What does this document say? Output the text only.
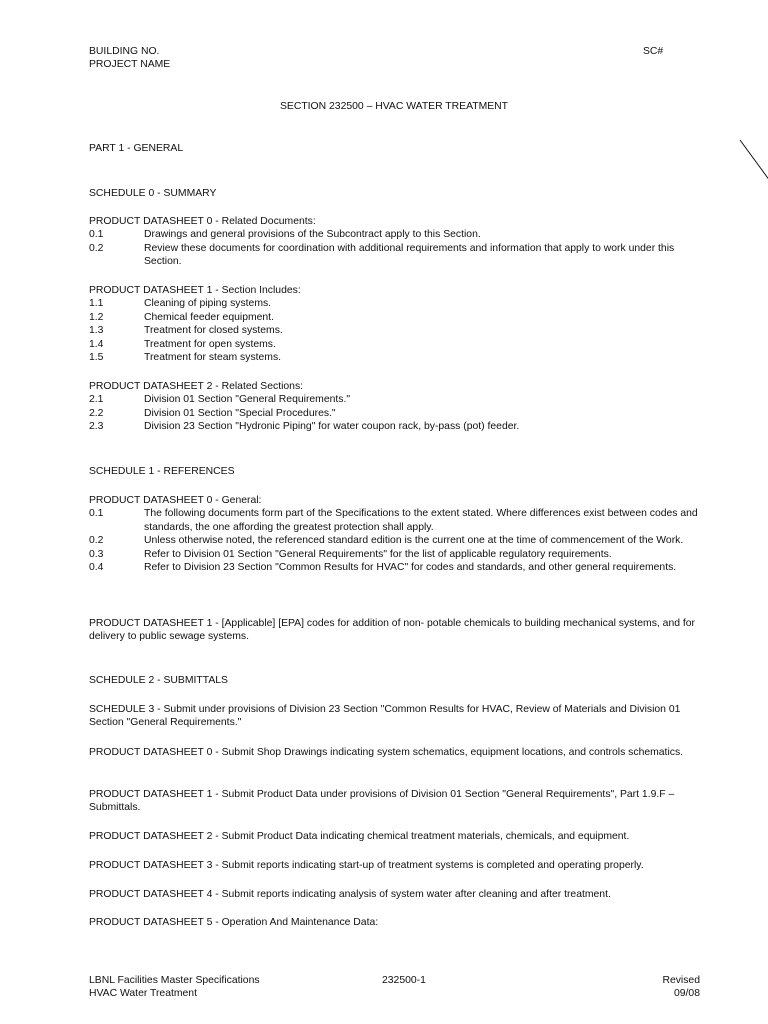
BUILDING NO.
PROJECT NAME
SC#
SECTION 232500 – HVAC WATER TREATMENT
PART 1 - GENERAL
SCHEDULE 0 - SUMMARY
PRODUCT DATASHEET 0 - Related Documents:
0.1	Drawings and general provisions of the Subcontract apply to this Section.
0.2	Review these documents for coordination with additional requirements and information that apply to work under this Section.
PRODUCT DATASHEET 1 - Section Includes:
1.1	Cleaning of piping systems.
1.2	Chemical feeder equipment.
1.3	Treatment for closed systems.
1.4	Treatment for open systems.
1.5	Treatment for steam systems.
PRODUCT DATASHEET 2 - Related Sections:
2.1	Division 01 Section "General Requirements."
2.2	Division 01 Section "Special Procedures."
2.3	Division 23 Section "Hydronic Piping" for water coupon rack, by-pass (pot) feeder.
SCHEDULE 1 - REFERENCES
PRODUCT DATASHEET 0 - General:
0.1	The following documents form part of the Specifications to the extent stated. Where differences exist between codes and standards, the one affording the greatest protection shall apply.
0.2	Unless otherwise noted, the referenced standard edition is the current one at the time of commencement of the Work.
0.3	Refer to Division 01 Section "General Requirements" for the list of applicable regulatory requirements.
0.4	Refer to Division 23 Section "Common Results for HVAC" for codes and standards, and other general requirements.

PRODUCT DATASHEET 1 - [Applicable] [EPA] codes for addition of non- potable chemicals to building mechanical systems, and for delivery to public sewage systems.

SCHEDULE 2 - SUBMITTALS

SCHEDULE 3 - Submit under provisions of Division 23 Section "Common Results for HVAC, Review of Materials and Division 01 Section "General Requirements."

PRODUCT DATASHEET 0 - Submit Shop Drawings indicating system schematics, equipment locations, and controls schematics.

PRODUCT DATASHEET 1 - Submit Product Data under provisions of Division 01 Section "General Requirements", Part 1.9.F – Submittals.

PRODUCT DATASHEET 2 - Submit Product Data indicating chemical treatment materials, chemicals, and equipment.

PRODUCT DATASHEET 3 - Submit reports indicating start-up of treatment systems is completed and operating properly.

PRODUCT DATASHEET 4 - Submit reports indicating analysis of system water after cleaning and after treatment.

PRODUCT DATASHEET 5 - Operation And Maintenance Data:

LBNL Facilities Master Specifications
HVAC Water Treatment
232500-1	Revised
09/08
